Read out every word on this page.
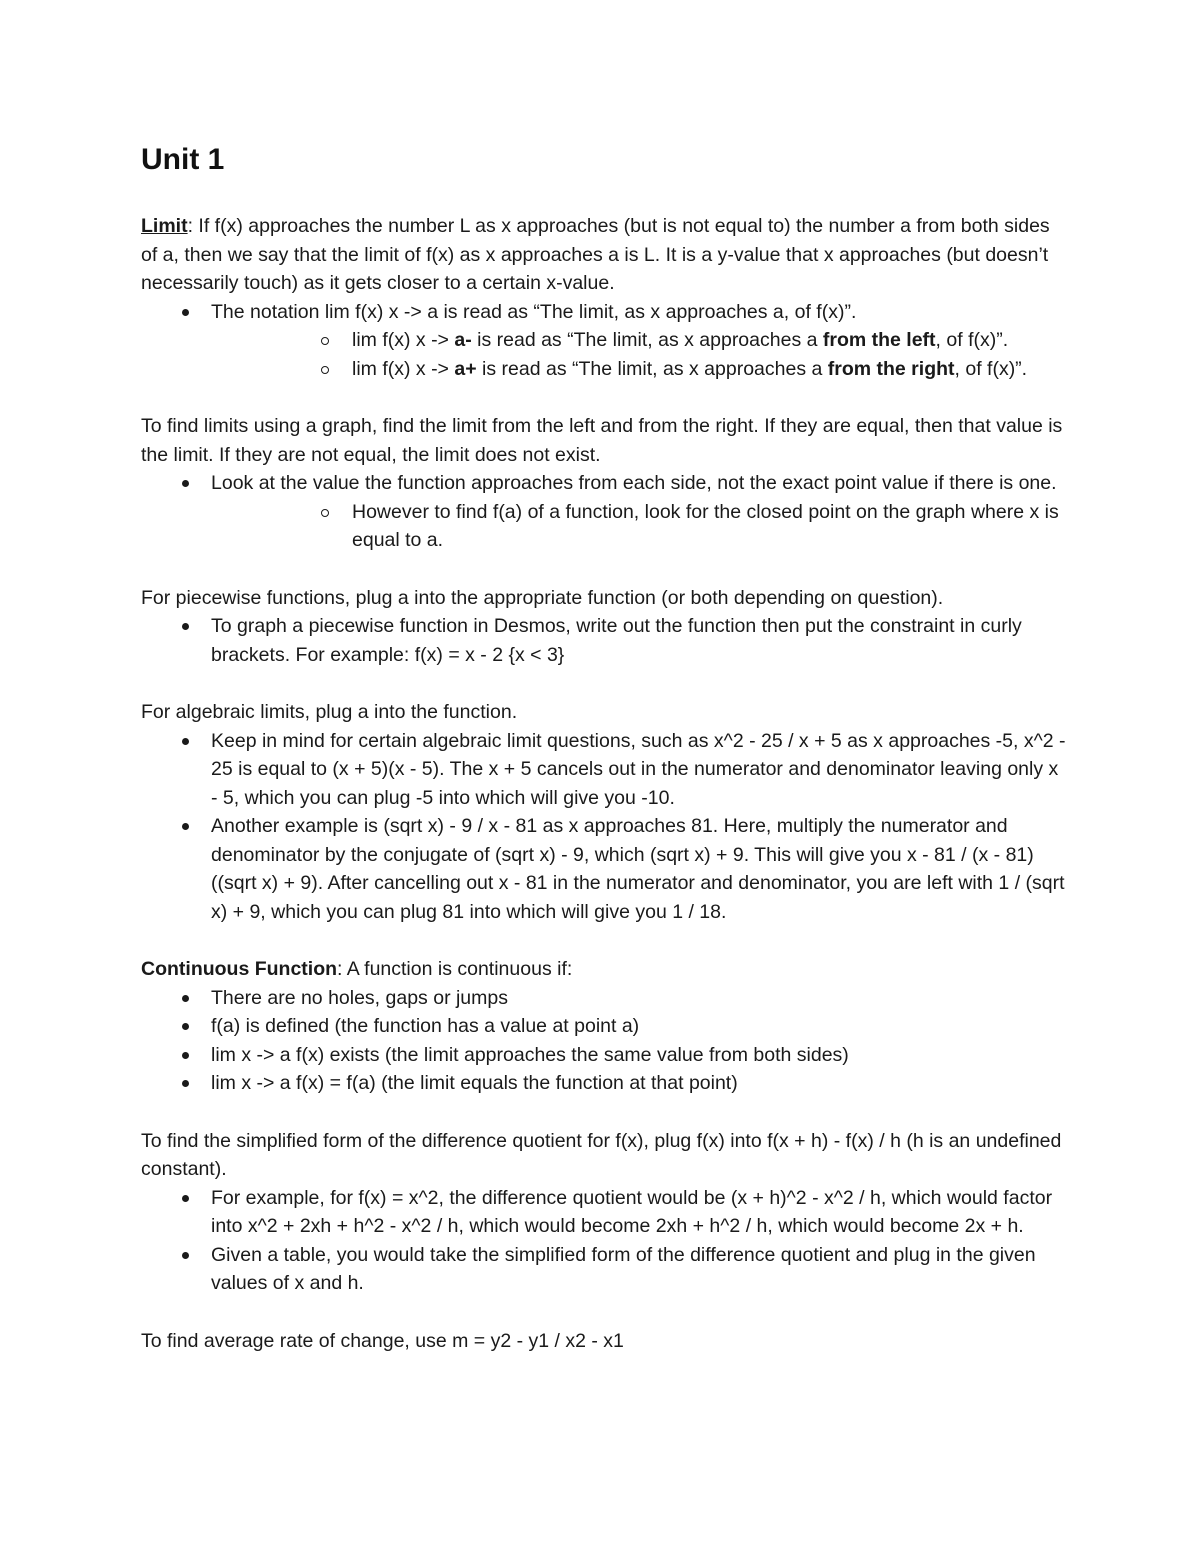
Unit 1

Limit: If f(x) approaches the number L as x approaches (but is not equal to) the number a from both sides of a, then we say that the limit of f(x) as x approaches a is L. It is a y-value that x approaches (but doesn’t necessarily touch) as it gets closer to a certain x-value.

The notation lim f(x) x -> a is read as “The limit, as x approaches a, of f(x)”.
lim f(x) x -> a- is read as “The limit, as x approaches a from the left, of f(x)”.
lim f(x) x -> a+ is read as “The limit, as x approaches a from the right, of f(x)”.

To find limits using a graph, find the limit from the left and from the right. If they are equal, then that value is the limit. If they are not equal, the limit does not exist.

Look at the value the function approaches from each side, not the exact point value if there is one.
However to find f(a) of a function, look for the closed point on the graph where x is equal to a.

For piecewise functions, plug a into the appropriate function (or both depending on question).

To graph a piecewise function in Desmos, write out the function then put the constraint in curly brackets. For example: f(x) = x - 2 {x < 3}

For algebraic limits, plug a into the function.

Keep in mind for certain algebraic limit questions, such as x^2 - 25 / x + 5 as x approaches -5, x^2 - 25 is equal to (x + 5)(x - 5). The x + 5 cancels out in the numerator and denominator leaving only x - 5, which you can plug -5 into which will give you -10.
Another example is (sqrt x) - 9 / x - 81 as x approaches 81. Here, multiply the numerator and denominator by the conjugate of (sqrt x) - 9, which (sqrt x) + 9. This will give you x - 81 / (x - 81)((sqrt x) + 9). After cancelling out x - 81 in the numerator and denominator, you are left with 1 / (sqrt x) + 9, which you can plug 81 into which will give you 1 / 18.

Continuous Function: A function is continuous if:

There are no holes, gaps or jumps
f(a) is defined (the function has a value at point a)
lim x -> a f(x) exists (the limit approaches the same value from both sides)
lim x -> a f(x) = f(a) (the limit equals the function at that point)

To find the simplified form of the difference quotient for f(x), plug f(x) into f(x + h) - f(x) / h (h is an undefined constant).

For example, for f(x) = x^2, the difference quotient would be (x + h)^2 - x^2 / h, which would factor into x^2 + 2xh + h^2 - x^2 / h, which would become 2xh + h^2 / h, which would become 2x + h.
Given a table, you would take the simplified form of the difference quotient and plug in the given values of x and h.

To find average rate of change, use m = y2 - y1 / x2 - x1
